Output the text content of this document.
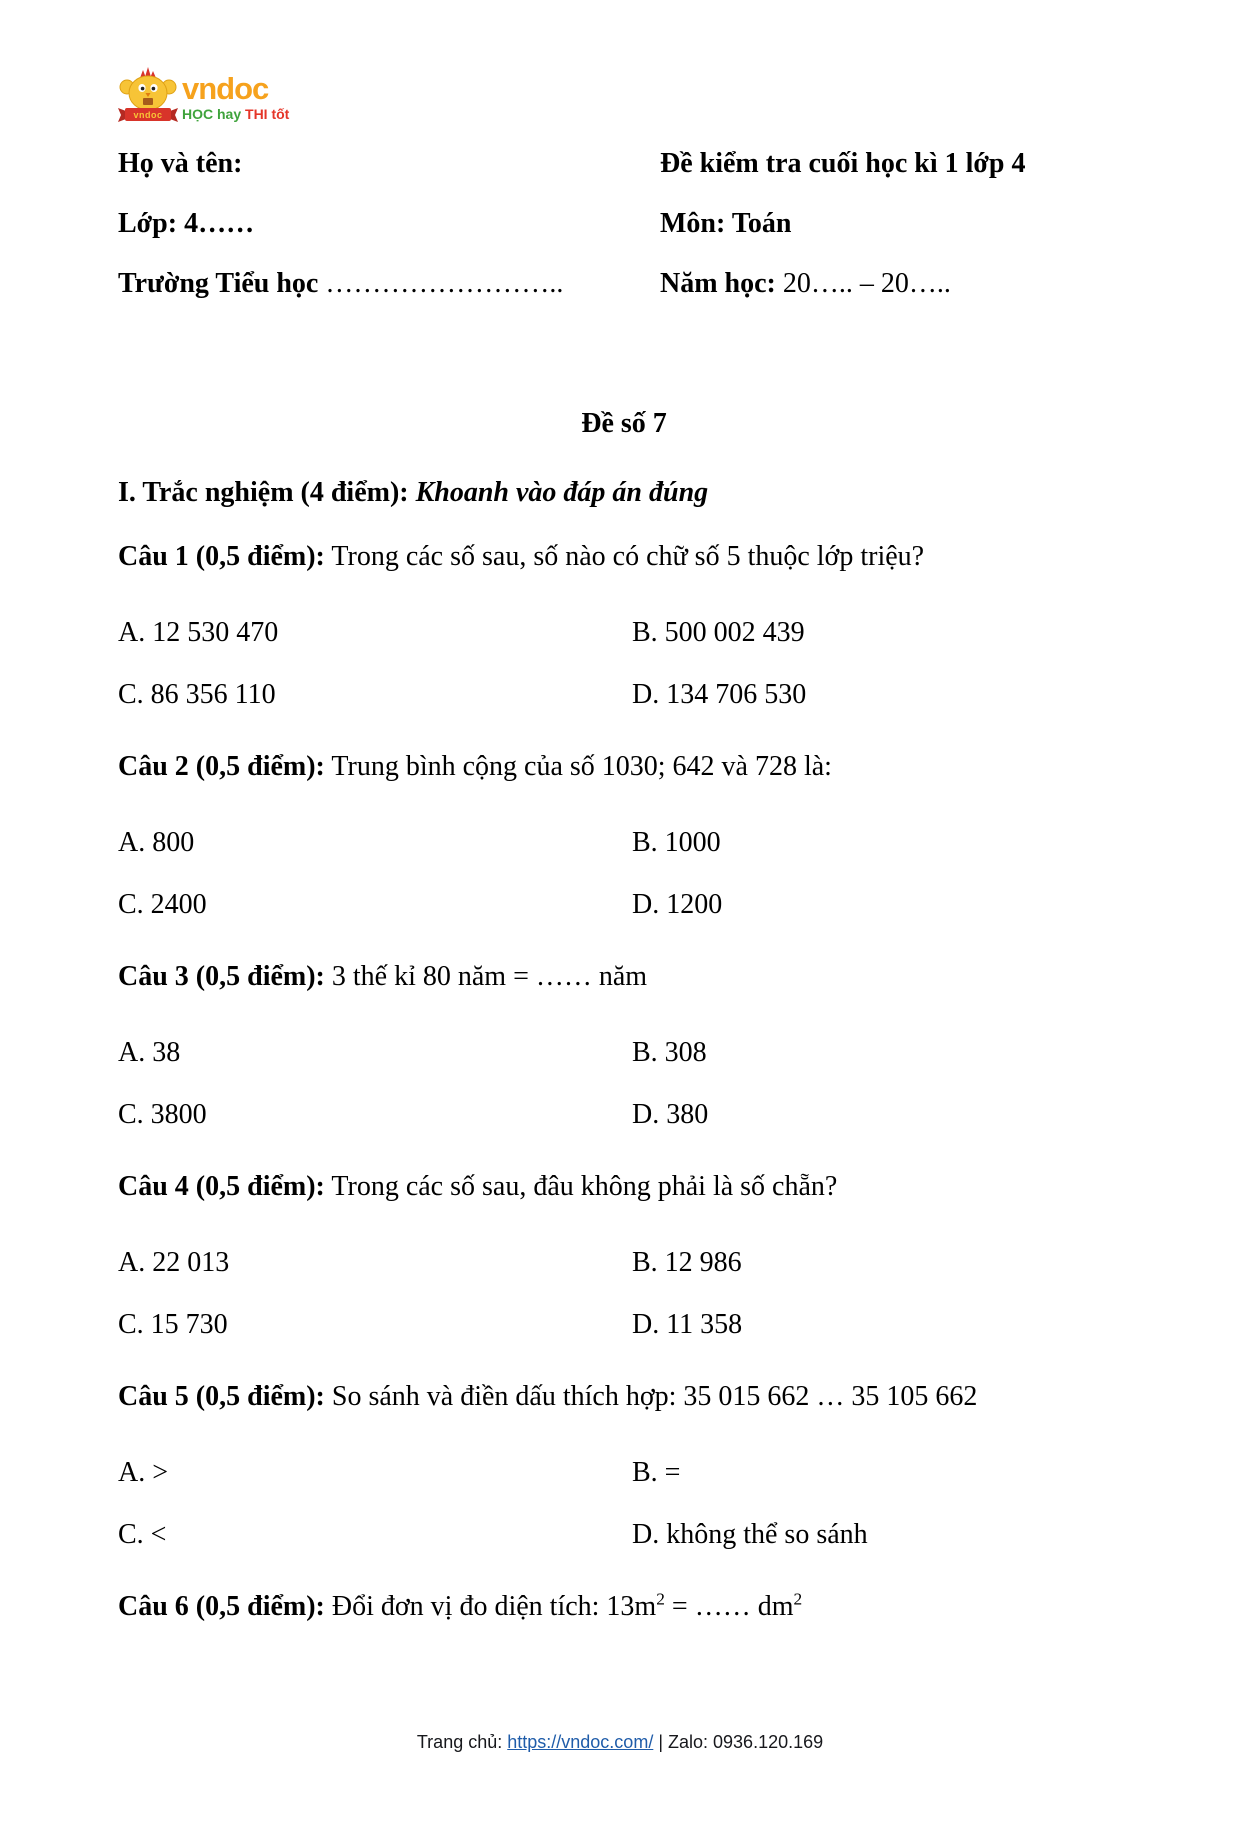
vndoc
vndoc
HỌC hay THI tốt
Họ và tên:	Đề kiểm tra cuối học kì 1 lớp 4
Lớp: 4……	Môn: Toán
Trường Tiểu học ……………………..	Năm học: 20….. – 20…..
Đề số 7
I. Trắc nghiệm (4 điểm): Khoanh vào đáp án đúng
Câu 1 (0,5 điểm): Trong các số sau, số nào có chữ số 5 thuộc lớp triệu?
A. 12 530 470	B. 500 002 439
C. 86 356 110	D. 134 706 530
Câu 2 (0,5 điểm): Trung bình cộng của số 1030; 642 và 728 là:
A. 800	B. 1000
C. 2400	D. 1200
Câu 3 (0,5 điểm): 3 thế kỉ 80 năm = …… năm
A. 38	B. 308
C. 3800	D. 380
Câu 4 (0,5 điểm): Trong các số sau, đâu không phải là số chẵn?
A. 22 013	B. 12 986
C. 15 730	D. 11 358
Câu 5 (0,5 điểm): So sánh và điền dấu thích hợp: 35 015 662 … 35 105 662
A. >	B. =
C. <	D. không thể so sánh
Câu 6 (0,5 điểm): Đổi đơn vị đo diện tích: $13m^2$ = …… $dm^2$
Trang chủ: https://vndoc.com/ | Zalo: 0936.120.169
